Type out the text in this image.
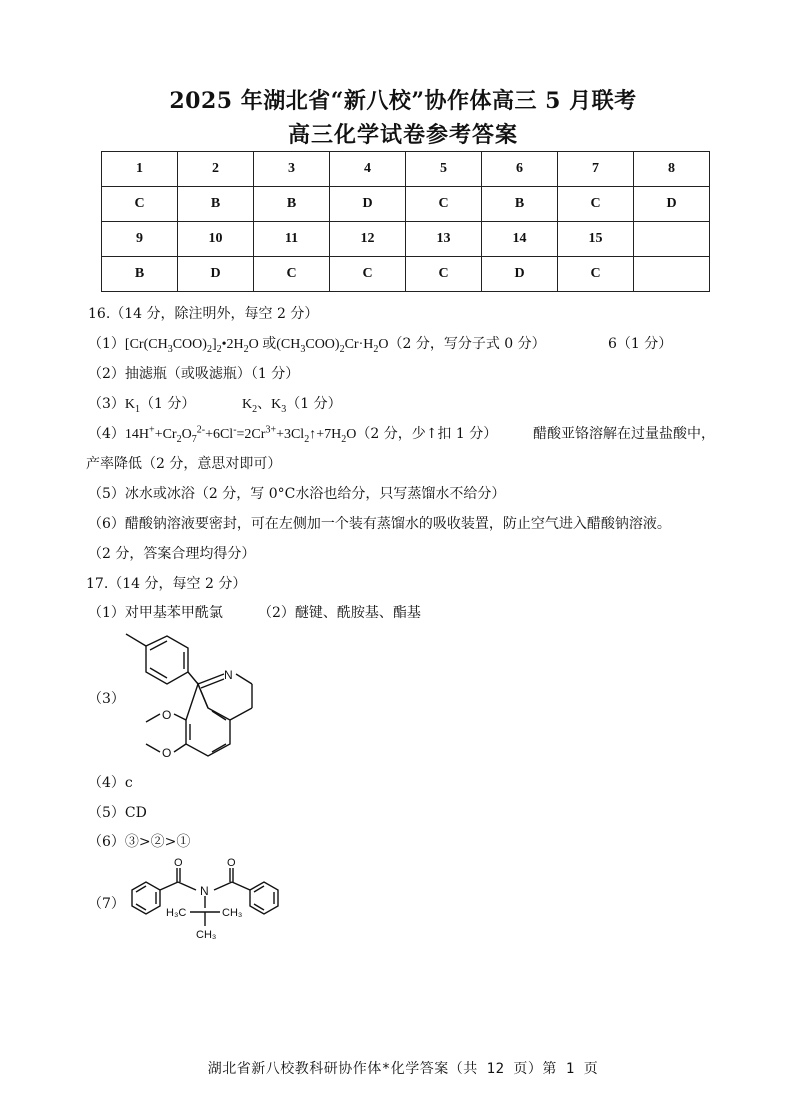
2025 年湖北省“新八校”协作体高三 5 月联考
高三化学试卷参考答案
1	2	3	4	5	6	7	8
C	B	B	D	C	B	C	D
9	10	11	12	13	14	15	
B	D	C	C	C	D	C	
16.（14 分，除注明外，每空 2 分）
$(1)[Cr(CH_3COO)_2]_2•2H_2O$ 或$(CH_3COO)_2Cr\cdot H_2O(2$ 分，写分子式 0 分）	6（1 分）
（2）抽滤瓶（或吸滤瓶）（1 分）
$(3)K_1(1$ 分）	$K_2$、$K_3(1$ 分）
$(4)14H^++Cr_2O_7^{2-}+6Cl^-=2Cr^{3+}+3Cl_2↑+7H_2O(2$ 分，少↑扣 1 分）	醋酸亚铬溶解在过量盐酸中，
产率降低（2 分，意思对即可）
（5）冰水或冰浴（2 分，写 0°C水浴也给分，只写蒸馏水不给分）
（6）醋酸钠溶液要密封，可在左侧加一个装有蒸馏水的吸收装置，防止空气进入醋酸钠溶液。
（2 分，答案合理均得分）
17.（14 分，每空 2 分）
（1）对甲基苯甲酰氯	（2）醚键、酰胺基、酯基
（3）
N
O
O
（4）c
（5）CD
（6）③>②>①
（7）
O	O
N
H₃C	CH₃
CH₃
湖北省新八校教科研协作体*化学答案（共 12 页）第 1 页
